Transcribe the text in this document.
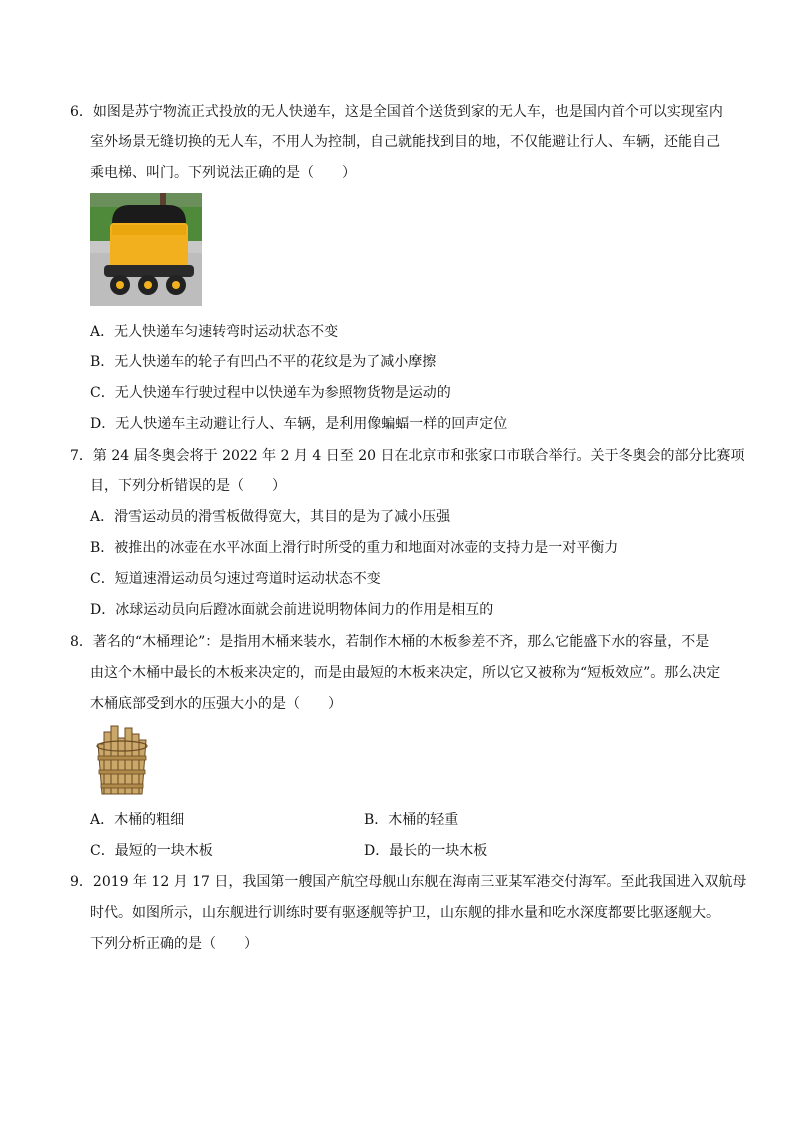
6．如图是苏宁物流正式投放的无人快递车，这是全国首个送货到家的无人车，也是国内首个可以实现室内
室外场景无缝切换的无人车，不用人为控制，自己就能找到目的地，不仅能避让行人、车辆，还能自己
乘电梯、叫门。下列说法正确的是（　　）
A．无人快递车匀速转弯时运动状态不变
B．无人快递车的轮子有凹凸不平的花纹是为了减小摩擦
C．无人快递车行驶过程中以快递车为参照物货物是运动的
D．无人快递车主动避让行人、车辆，是利用像蝙蝠一样的回声定位
7．第 24 届冬奥会将于 2022 年 2 月 4 日至 20 日在北京市和张家口市联合举行。关于冬奥会的部分比赛项
目，下列分析错误的是（　　）
A．滑雪运动员的滑雪板做得宽大，其目的是为了减小压强
B．被推出的冰壶在水平冰面上滑行时所受的重力和地面对冰壶的支持力是一对平衡力
C．短道速滑运动员匀速过弯道时运动状态不变
D．冰球运动员向后蹬冰面就会前进说明物体间力的作用是相互的
8．著名的“木桶理论”：是指用木桶来装水，若制作木桶的木板参差不齐，那么它能盛下水的容量，不是
由这个木桶中最长的木板来决定的，而是由最短的木板来决定，所以它又被称为“短板效应”。那么决定
木桶底部受到水的压强大小的是（　　）
A．木桶的粗细	B．木桶的轻重
C．最短的一块木板	D．最长的一块木板
9．2019 年 12 月 17 日，我国第一艘国产航空母舰山东舰在海南三亚某军港交付海军。至此我国进入双航母
时代。如图所示，山东舰进行训练时要有驱逐舰等护卫，山东舰的排水量和吃水深度都要比驱逐舰大。
下列分析正确的是（　　）
